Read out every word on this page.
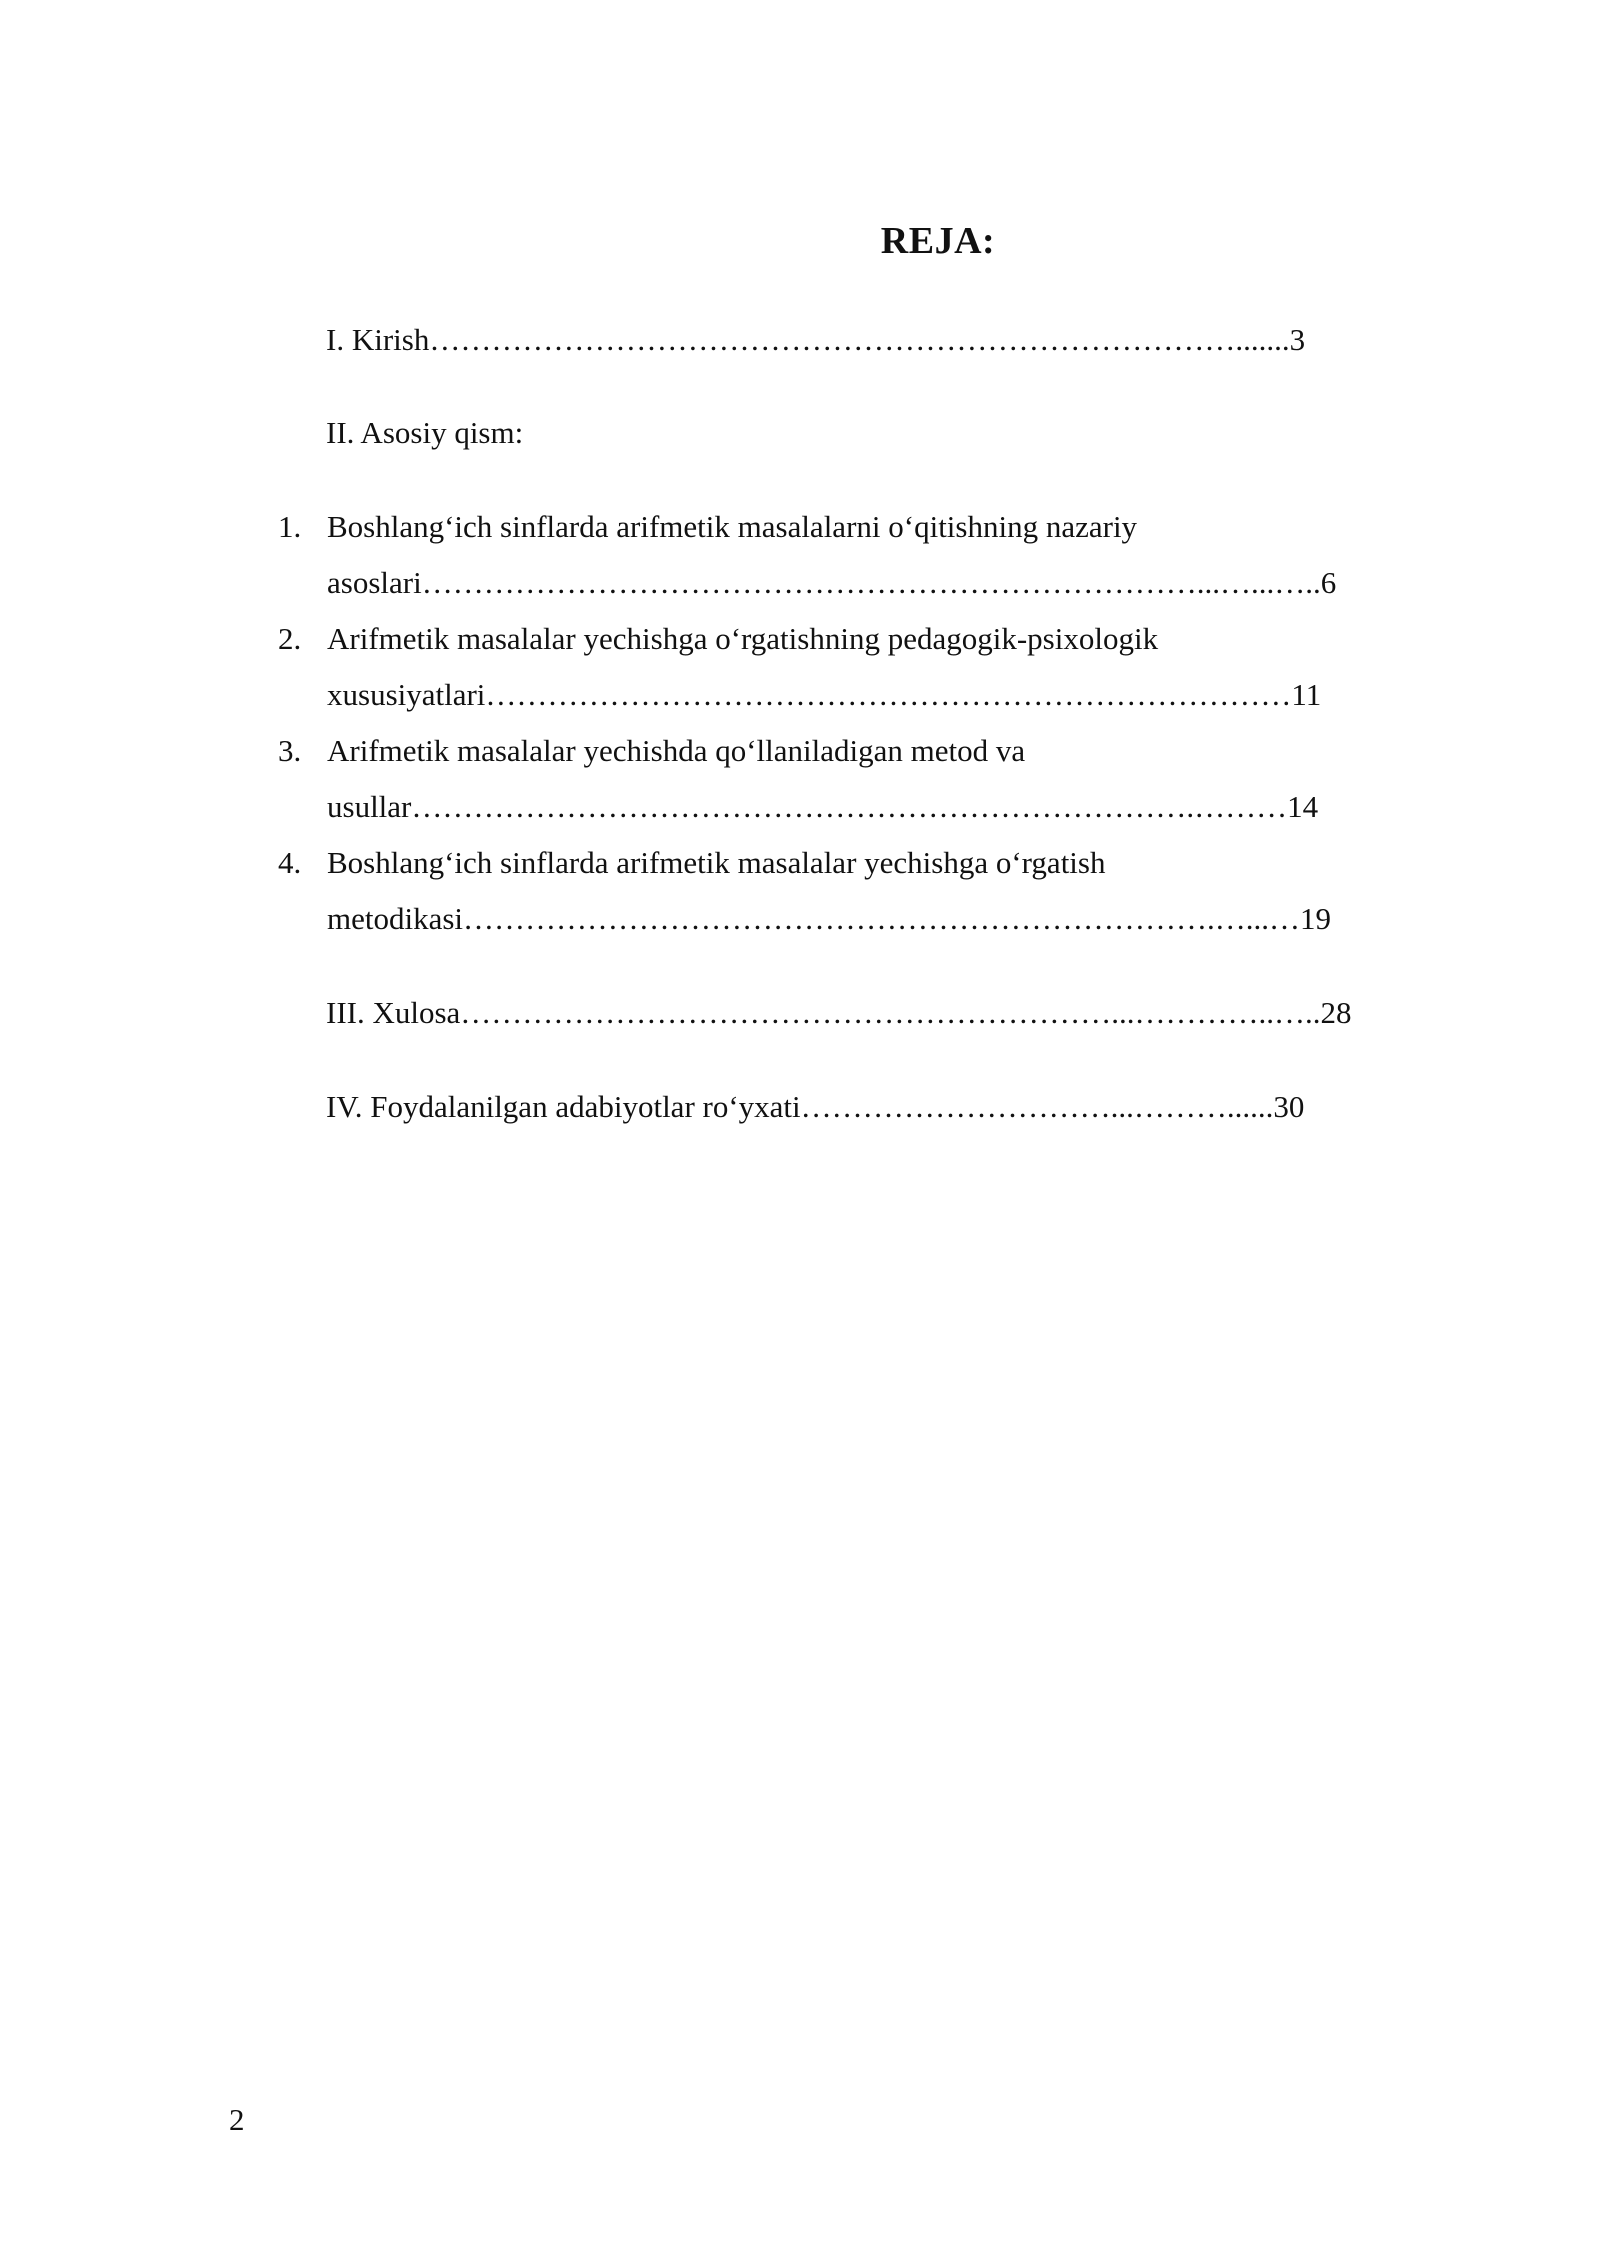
REJA:
I. Kirish…………………………………………………………………….......3
II. Asosiy qism:
1. Boshlang‘ich sinflarda arifmetik masalalarni o‘qitishning nazariy
asoslari…………………………………………………………………...…...…..6
2. Arifmetik masalalar yechishga o‘rgatishning pedagogik-psixologik
xususiyatlari……………………………………………………………………11
3. Arifmetik masalalar yechishda qo‘llaniladigan metod va
usullar………………………………………………………………….………14
4. Boshlang‘ich sinflarda arifmetik masalalar yechishga o‘rgatish
metodikasi……………………………………………………………….…...…19
III. Xulosa………………………………………………………...…………..…..28
IV. Foydalanilgan adabiyotlar ro‘yxati…………………………...………......30
2
